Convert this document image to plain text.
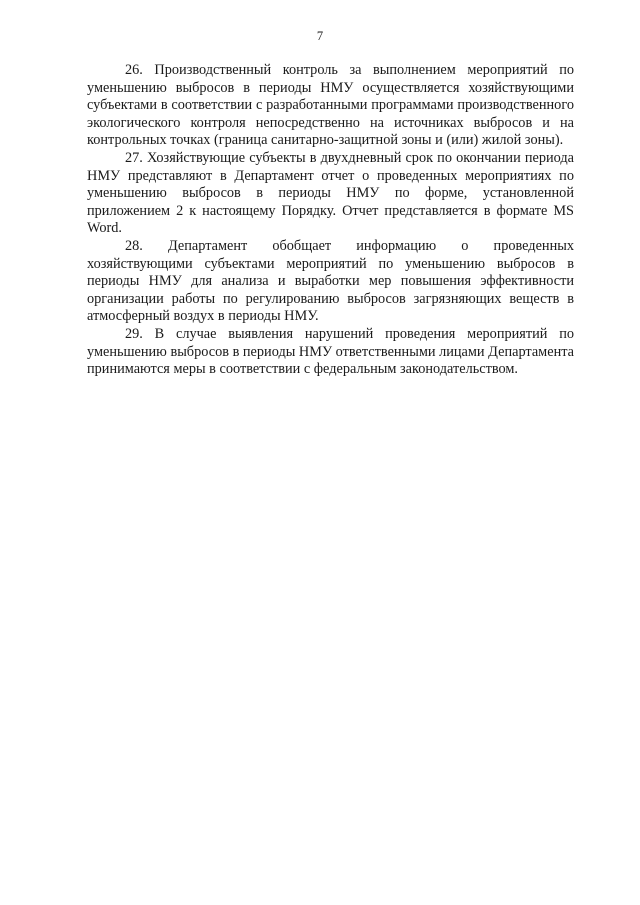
7

26. Производственный контроль за выполнением мероприятий по уменьшению выбросов в периоды НМУ осуществляется хозяйствующими субъектами в соответствии с разработанными программами производственного экологического контроля непосредственно на источниках выбросов и на контрольных точках (граница санитарно-защитной зоны и (или) жилой зоны).

27. Хозяйствующие субъекты в двухдневный срок по окончании периода НМУ представляют в Департамент отчет о проведенных мероприятиях по уменьшению выбросов в периоды НМУ по форме, установленной приложением 2 к настоящему Порядку. Отчет представляется в формате MS Word.

28. Департамент обобщает информацию о проведенных хозяйствующими субъектами мероприятий по уменьшению выбросов в периоды НМУ для анализа и выработки мер повышения эффективности организации работы по регулированию выбросов загрязняющих веществ в атмосферный воздух в периоды НМУ.

29. В случае выявления нарушений проведения мероприятий по уменьшению выбросов в периоды НМУ ответственными лицами Департамента принимаются меры в соответствии с федеральным законодательством.
